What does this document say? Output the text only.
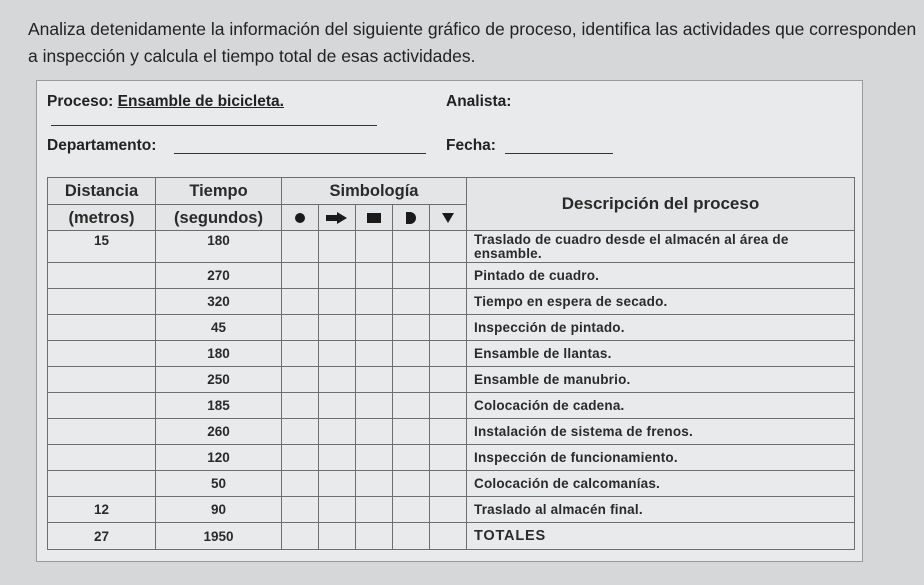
Analiza detenidamente la información del siguiente gráfico de proceso, identifica las actividades que corresponden a inspección y calcula el tiempo total de esas actividades.
Proceso: Ensamble de bicicleta.	Analista:
Departamento:	Fecha:
Distancia	Tiempo	Simbología					Descripción del proceso
(metros)	(segundos)						
15	180						Traslado de cuadro desde el almacén al área de ensamble.
	270						Pintado de cuadro.
	320						Tiempo en espera de secado.
	45						Inspección de pintado.
	180						Ensamble de llantas.
	250						Ensamble de manubrio.
	185						Colocación de cadena.
	260						Instalación de sistema de frenos.
	120						Inspección de funcionamiento.
	50						Colocación de calcomanías.
12	90						Traslado al almacén final.
27	1950						TOTALES
